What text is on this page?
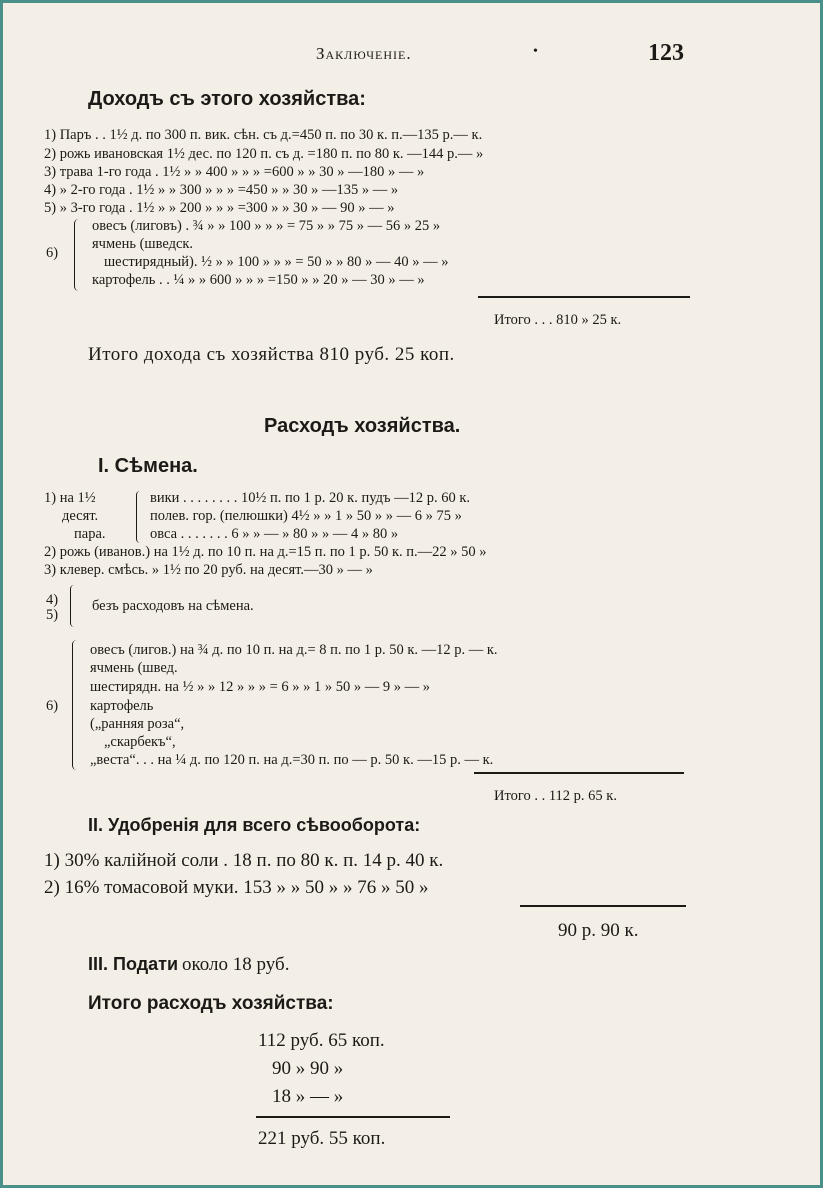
Заключеніе.	•	123
Доходъ съ этого хозяйства:
1) Паръ . . 1½ д. по 300 п. вик. сѣн. съ д.=450 п. по 30 к. п.—135 р.— к.
2) рожь ивановская 1½ дес. по 120 п. съ д. =180 п. по 80 к. —144 р.— »
3) трава 1-го года . 1½ » » 400 » » » =600 » » 30 » —180 » — »
4) » 2-го года . 1½ » » 300 » » » =450 » » 30 » —135 » — »
5) » 3-го года . 1½ » » 200 » » » =300 » » 30 » — 90 » — »
6)
овесъ (лиговъ) . ¾ » » 100 » » » = 75 » » 75 » — 56 » 25 »
ячмень (шведск.
шестирядный). ½ » » 100 » » » = 50 » » 80 » — 40 » — »
картофель . . ¼ » » 600 » » » =150 » » 20 » — 30 » — »
Итого . . . 810 » 25 к.
Итого дохода съ хозяйства 810 руб. 25 коп.
Расходъ хозяйства.
I. Сѣмена.
1) на 1½
десят.
пара.
вики . . . . . . . . 10½ п. по 1 р. 20 к. пудъ —12 р. 60 к.
полев. гор. (пелюшки) 4½ » » 1 » 50 » » — 6 » 75 »
овса . . . . . . . 6 » » — » 80 » » — 4 » 80 »
2) рожь (иванов.) на 1½ д. по 10 п. на д.=15 п. по 1 р. 50 к. п.—22 » 50 »
3) клевер. смѣсь. » 1½ по 20 руб. на десят.—30 » — »
4)
5)
безъ расходовъ на сѣмена.
6)
овесъ (лигов.) на ¾ д. по 10 п. на д.= 8 п. по 1 р. 50 к. —12 р. — к.
ячмень (швед.
шестирядн. на ½ » » 12 » » » = 6 » » 1 » 50 » — 9 » — »
картофель
(„ранняя роза“,
„скарбекъ“,
„веста“. . . на ¼ д. по 120 п. на д.=30 п. по — р. 50 к. —15 р. — к.
Итого . . 112 р. 65 к.
II. Удобренія для всего сѣвооборота:
1) 30% калійной соли . 18 п. по 80 к. п. 14 р. 40 к.
2) 16% томасовой муки. 153 » » 50 » » 76 » 50 »
90 р. 90 к.
III. Подати около 18 руб.
Итого расходъ хозяйства:
112 руб. 65 коп.
90 » 90 »
18 » — »
221 руб. 55 коп.
